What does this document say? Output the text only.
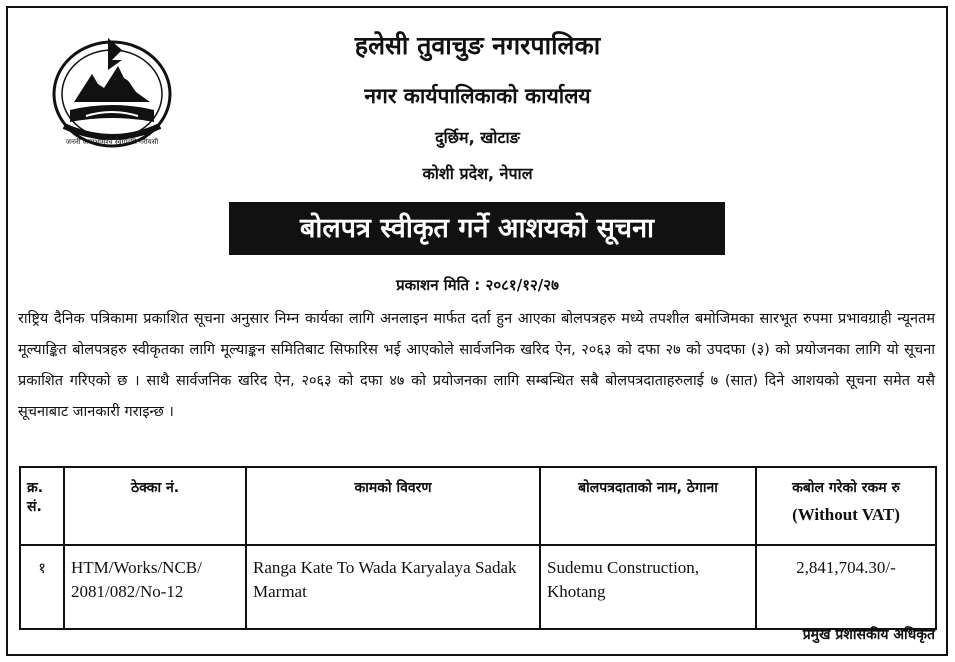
जननी जन्मभूमिश्च स्वर्गादपि गरीयसी
हलेसी तुवाचुङ नगरपालिका
नगर कार्यपालिकाको कार्यालय
दुर्छिम, खोटाङ
कोशी प्रदेश, नेपाल
बोलपत्र स्वीकृत गर्ने आशयको सूचना
प्रकाशन मिति : २०८१/१२/२७
राष्ट्रिय दैनिक पत्रिकामा प्रकाशित सूचना अनुसार निम्न कार्यका लागि अनलाइन मार्फत दर्ता हुन आएका बोलपत्रहरु मध्ये तपशील बमोजिमका सारभूत रुपमा प्रभावग्राही न्यूनतम मूल्याङ्कित बोलपत्रहरु स्वीकृतका लागि मूल्याङ्कन समितिबाट सिफारिस भई आएकोले सार्वजनिक खरिद ऐन, २०६३ को दफा २७ को उपदफा (३) को प्रयोजनका लागि यो सूचना प्रकाशित गरिएको छ । साथै सार्वजनिक खरिद ऐन, २०६३ को दफा ४७ को प्रयोजनका लागि सम्बन्धित सबै बोलपत्रदाताहरुलाई ७ (सात) दिने आशयको सूचना समेत यसै सूचनाबाट जानकारी गराइन्छ ।
क्र. सं.	ठेक्का नं.	कामको विवरण	बोलपत्रदाताको नाम, ठेगाना	कबोल गरेको रकम रु
(Without VAT)

१	HTM/Works/NCB/ 2081/082/No-12	Ranga Kate To Wada Karyalaya Sadak Marmat	Sudemu Construction, Khotang	2,841,704.30/-
प्रमुख प्रशासकीय अधिकृत
